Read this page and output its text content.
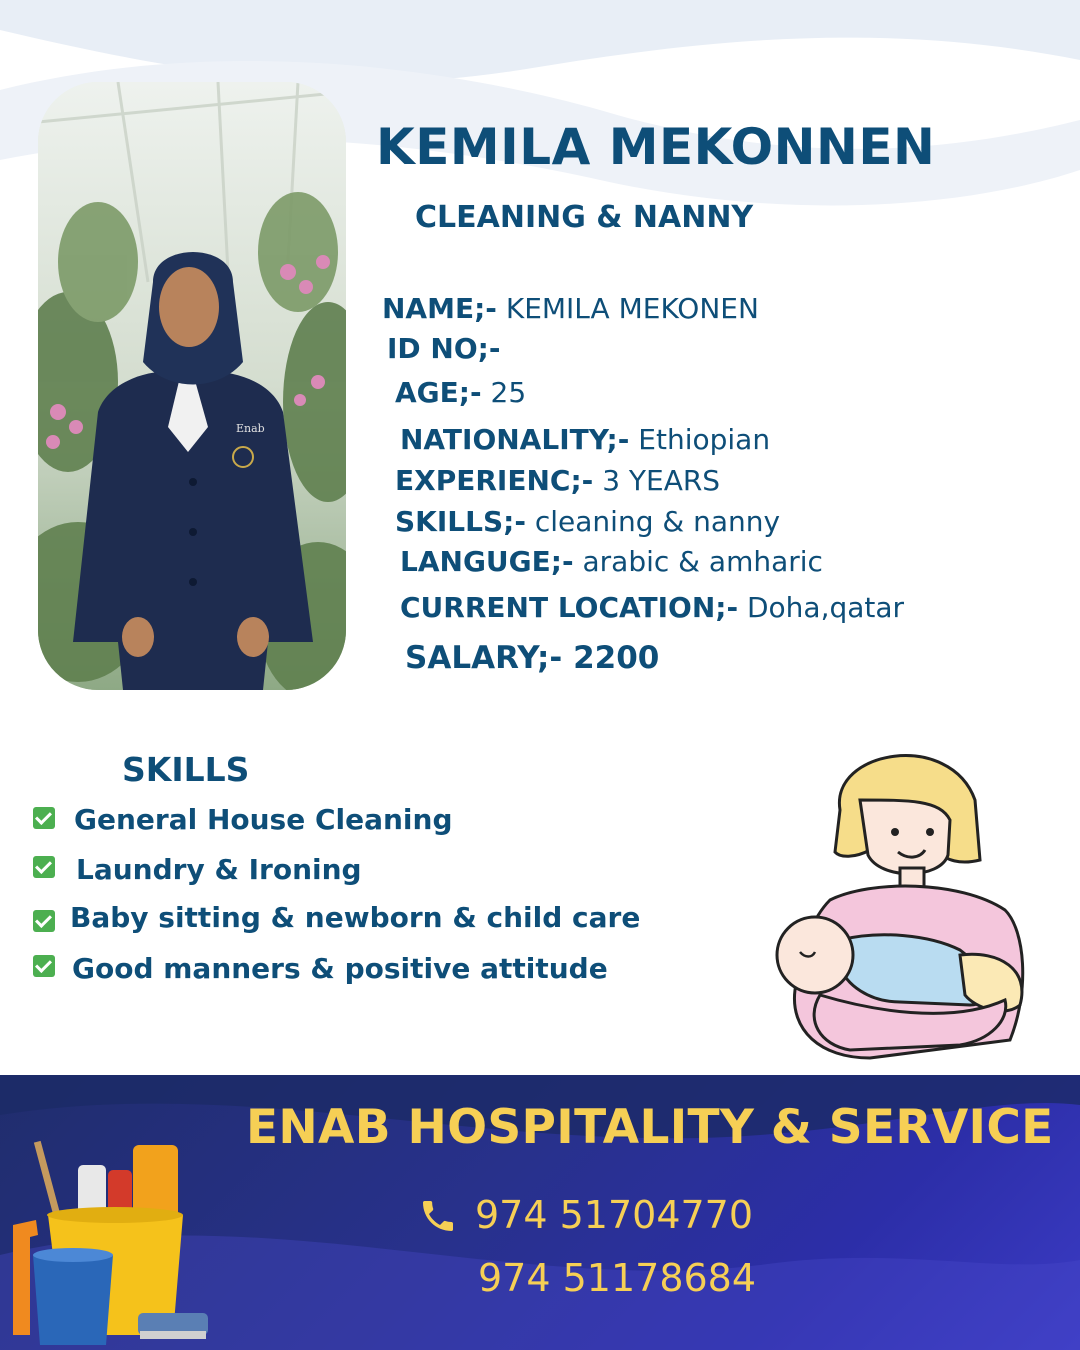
Enab
KEMILA MEKONNEN
CLEANING & NANNY
NAME;- KEMILA MEKONEN
ID NO;-
AGE;- 25
NATIONALITY;- Ethiopian
EXPERIENC;- 3 YEARS
SKILLS;- cleaning & nanny
LANGUGE;- arabic & amharic
CURRENT LOCATION;- Doha,qatar
SALARY;- 2200
SKILLS
General House Cleaning
Laundry & Ironing
Baby sitting & newborn & child care
Good manners & positive attitude
ENAB HOSPITALITY & SERVICE
974 51704770
974 51178684
